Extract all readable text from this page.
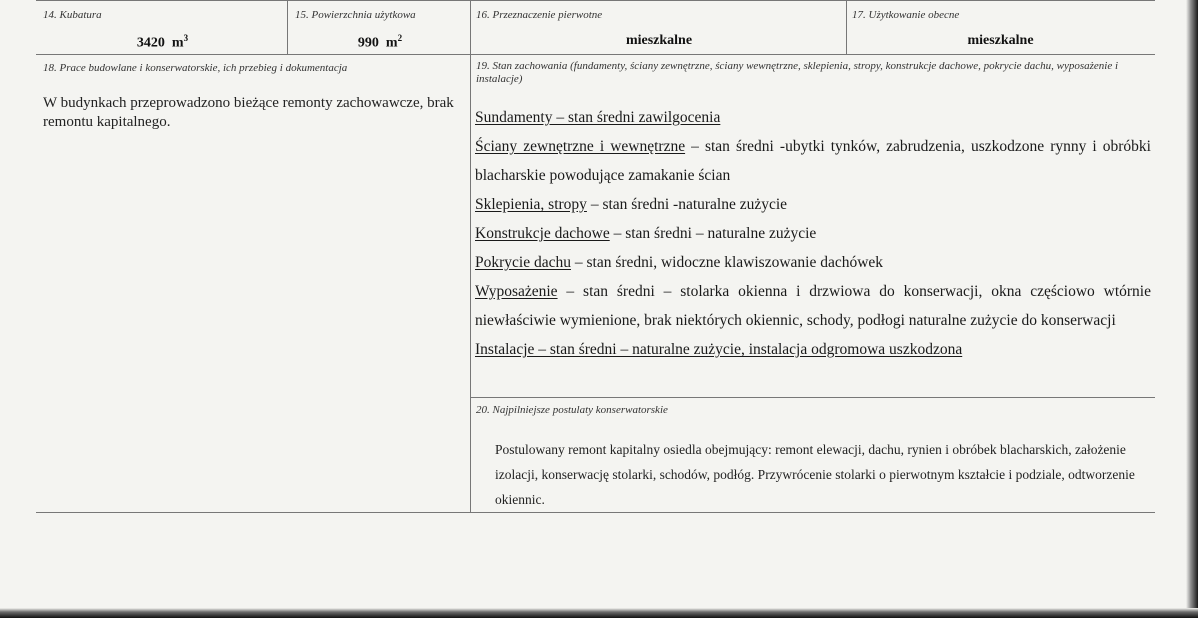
14. Kubatura
3420 $m^3$
15. Powierzchnia użytkowa
990 $m^2$
16. Przeznaczenie pierwotne
mieszkalne
17. Użytkowanie obecne
mieszkalne
18. Prace budowlane i konserwatorskie, ich przebieg i dokumentacja
W budynkach przeprowadzono bieżące remonty zachowawcze, brak remontu kapitalnego.
19. Stan zachowania (fundamenty, ściany zewnętrzne, ściany wewnętrzne, sklepienia, stropy, konstrukcje dachowe, pokrycie dachu, wyposażenie i instalacje)
Sundamenty – stan średni zawilgocenia
Ściany zewnętrzne i wewnętrzne – stan średni -ubytki tynków, zabrudzenia, uszkodzone rynny i obróbki blacharskie powodujące zamakanie ścian
Sklepienia, stropy – stan średni -naturalne zużycie
Konstrukcje dachowe – stan średni – naturalne zużycie
Pokrycie dachu – stan średni, widoczne klawiszowanie dachówek
Wyposażenie – stan średni – stolarka okienna i drzwiowa do konserwacji, okna częściowo wtórnie niewłaściwie wymienione, brak niektórych okiennic, schody, podłogi naturalne zużycie do konserwacji
Instalacje – stan średni – naturalne zużycie, instalacja odgromowa uszkodzona
20. Najpilniejsze postulaty konserwatorskie
Postulowany remont kapitalny osiedla obejmujący: remont elewacji, dachu, rynien i obróbek blacharskich, założenie izolacji, konserwację stolarki, schodów, podłóg. Przywrócenie stolarki o pierwotnym kształcie i podziale, odtworzenie okiennic.
